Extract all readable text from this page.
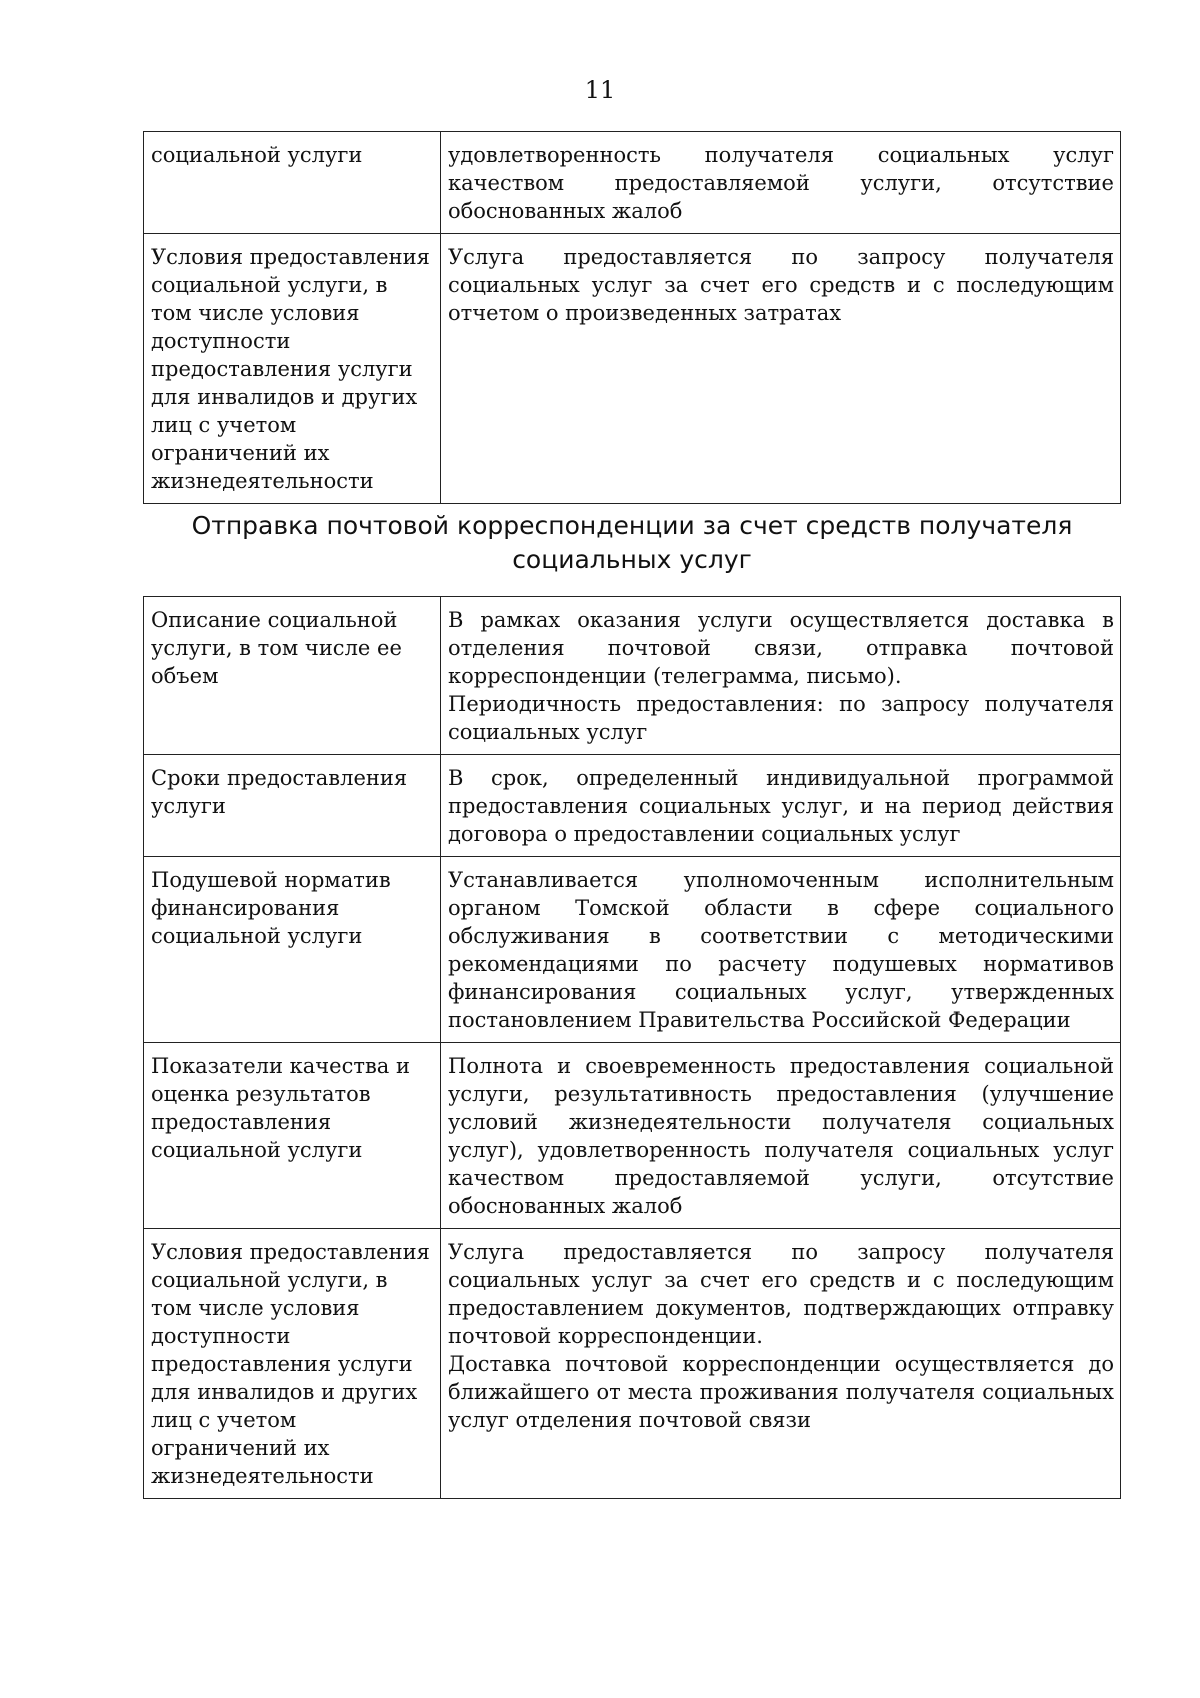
11
социальной услуги	удовлетворенность получателя социальных услуг качеством предоставляемой услуги, отсутствие обоснованных жалоб

Условия предоставления социальной услуги, в том числе условия доступности предоставления услуги для инвалидов и других лиц с учетом ограничений их жизнедеятельности	Услуга предоставляется по запросу получателя социальных услуг за счет его средств и с последующим отчетом о произведенных затратах
Отправка почтовой корреспонденции за счет средств получателя социальных услуг
Описание социальной услуги, в том числе ее объем	В рамках оказания услуги осуществляется доставка в отделения почтовой связи, отправка почтовой корреспонденции (телеграмма, письмо).
Периодичность предоставления: по запросу получателя социальных услуг

Сроки предоставления услуги	В срок, определенный индивидуальной программой предоставления социальных услуг, и на период действия договора о предоставлении социальных услуг

Подушевой норматив финансирования социальной услуги	Устанавливается уполномоченным исполнительным органом Томской области в сфере социального обслуживания в соответствии с методическими рекомендациями по расчету подушевых нормативов финансирования социальных услуг, утвержденных постановлением Правительства Российской Федерации

Показатели качества и оценка результатов предоставления социальной услуги	Полнота и своевременность предоставления социальной услуги, результативность предоставления (улучшение условий жизнедеятельности получателя социальных услуг), удовлетворенность получателя социальных услуг качеством предоставляемой услуги, отсутствие обоснованных жалоб

Условия предоставления социальной услуги, в том числе условия доступности предоставления услуги для инвалидов и других лиц с учетом ограничений их жизнедеятельности	Услуга предоставляется по запросу получателя социальных услуг за счет его средств и с последующим предоставлением документов, подтверждающих отправку почтовой корреспонденции.
Доставка почтовой корреспонденции осуществляется до ближайшего от места проживания получателя социальных услуг отделения почтовой связи
